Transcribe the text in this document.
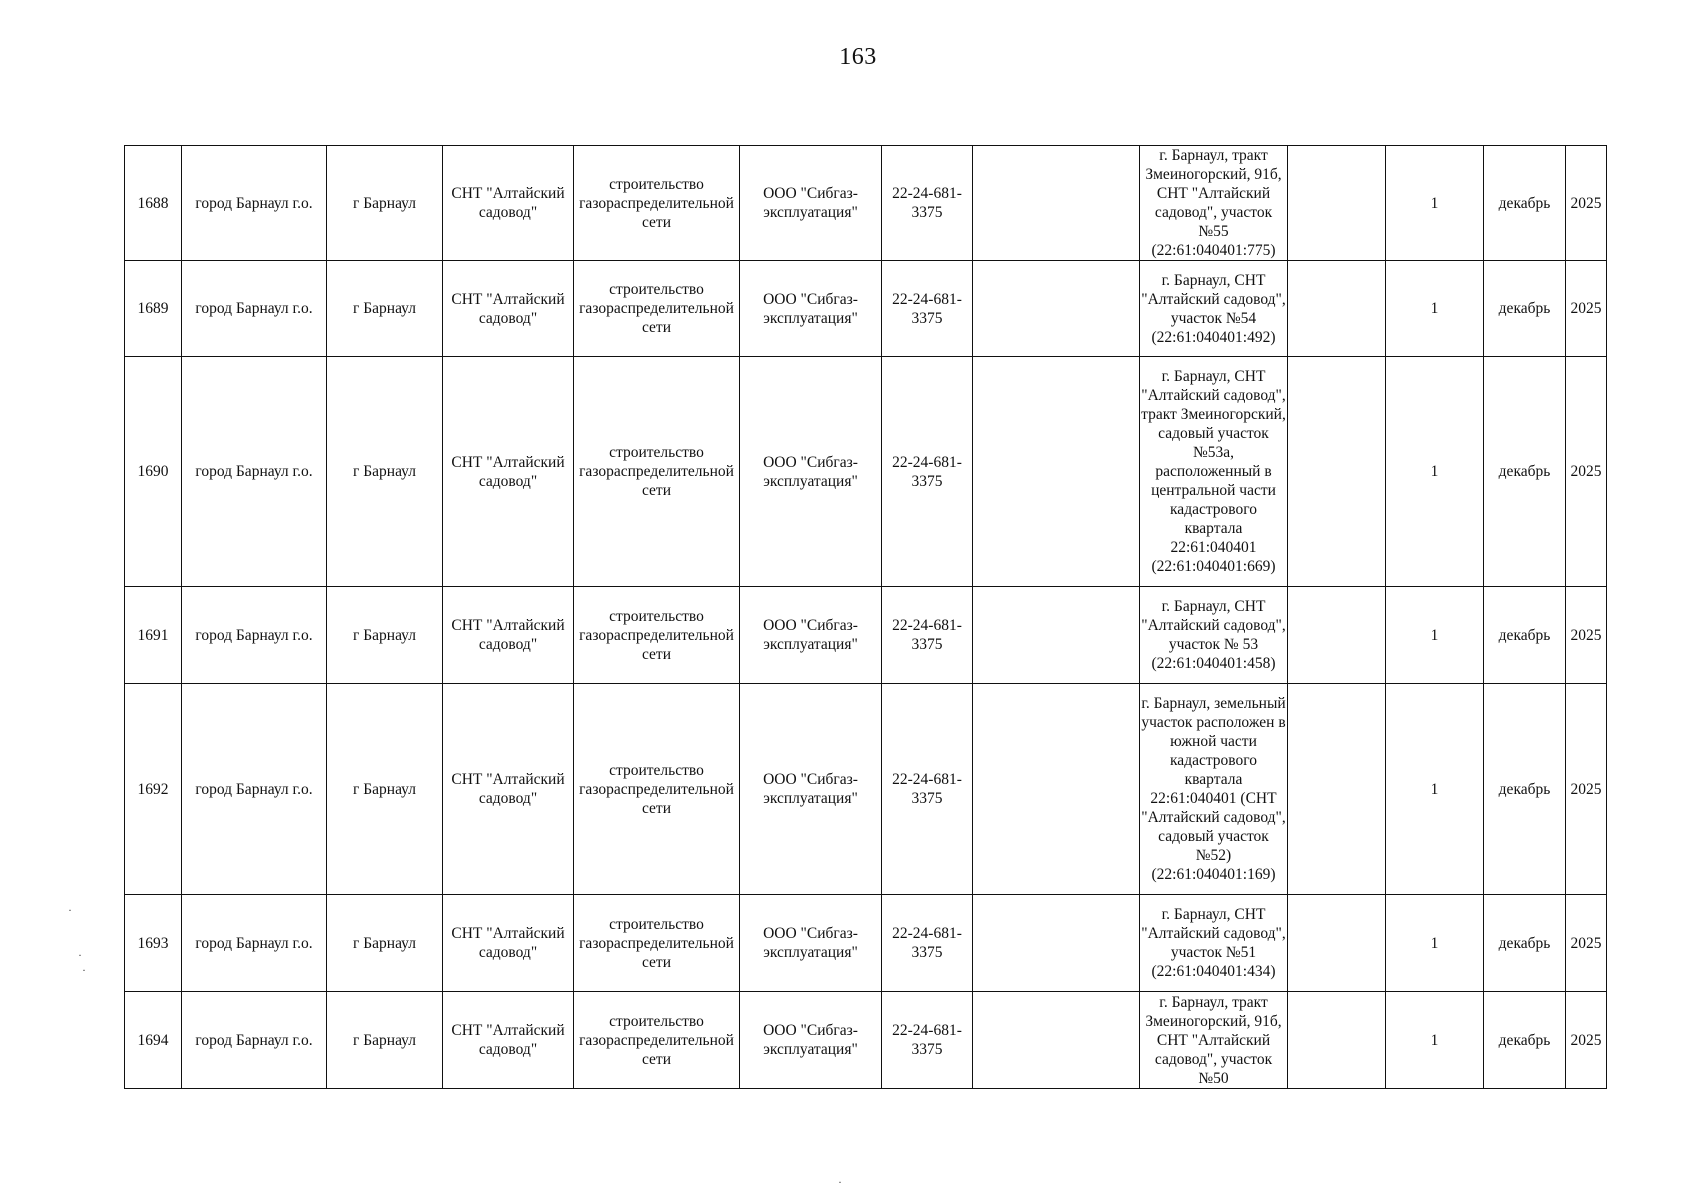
163
1688	город Барнаул г.о.	г Барнаул	СНТ "Алтайский садовод"	строительство газораспределительной сети	ООО "Сибгаз-эксплуатация"	22-24-681-3375		г. Барнаул, тракт Змеиногорский, 91б, СНТ "Алтайский садовод", участок №55 (22:61:040401:775)		1	декабрь	2025
1689	город Барнаул г.о.	г Барнаул	СНТ "Алтайский садовод"	строительство газораспределительной сети	ООО "Сибгаз-эксплуатация"	22-24-681-3375		г. Барнаул, СНТ "Алтайский садовод", участок №54 (22:61:040401:492)		1	декабрь	2025
1690	город Барнаул г.о.	г Барнаул	СНТ "Алтайский садовод"	строительство газораспределительной сети	ООО "Сибгаз-эксплуатация"	22-24-681-3375		г. Барнаул, СНТ "Алтайский садовод", тракт Змеиногорский, садовый участок №53а, расположенный в центральной части кадастрового квартала 22:61:040401 (22:61:040401:669)		1	декабрь	2025
1691	город Барнаул г.о.	г Барнаул	СНТ "Алтайский садовод"	строительство газораспределительной сети	ООО "Сибгаз-эксплуатация"	22-24-681-3375		г. Барнаул, СНТ "Алтайский садовод", участок № 53 (22:61:040401:458)		1	декабрь	2025
1692	город Барнаул г.о.	г Барнаул	СНТ "Алтайский садовод"	строительство газораспределительной сети	ООО "Сибгаз-эксплуатация"	22-24-681-3375		г. Барнаул, земельный участок расположен в южной части кадастрового квартала 22:61:040401 (СНТ "Алтайский садовод", садовый участок №52) (22:61:040401:169)		1	декабрь	2025
1693	город Барнаул г.о.	г Барнаул	СНТ "Алтайский садовод"	строительство газораспределительной сети	ООО "Сибгаз-эксплуатация"	22-24-681-3375		г. Барнаул, СНТ "Алтайский садовод", участок №51 (22:61:040401:434)		1	декабрь	2025
1694	город Барнаул г.о.	г Барнаул	СНТ "Алтайский садовод"	строительство газораспределительной сети	ООО "Сибгаз-эксплуатация"	22-24-681-3375		г. Барнаул, тракт Змеиногорский, 91б, СНТ "Алтайский садовод", участок №50		1	декабрь	2025
·
·
·
·
